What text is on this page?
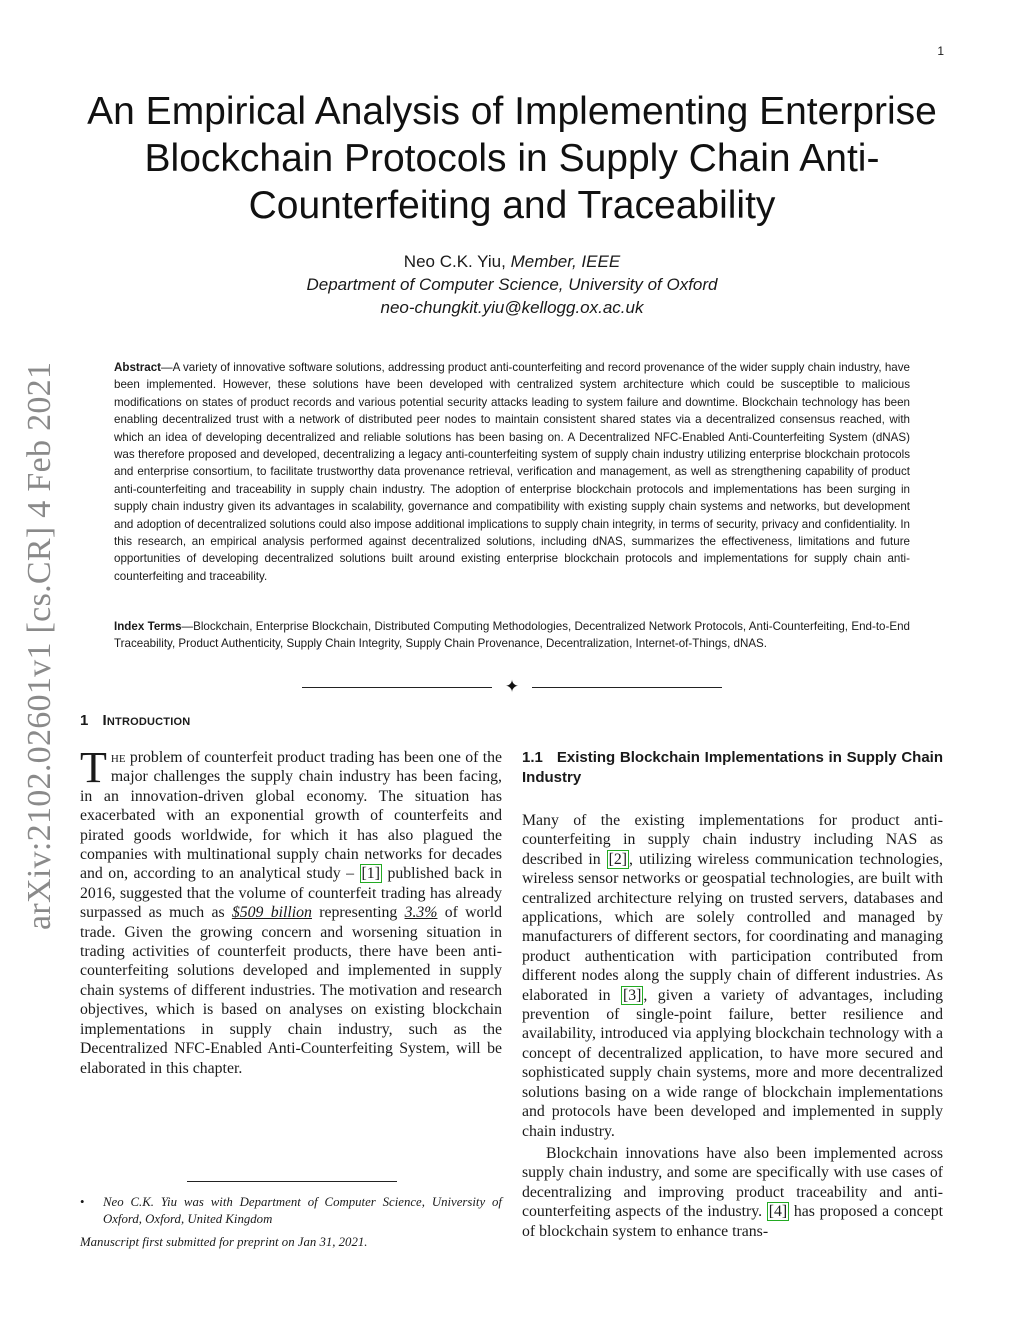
1
arXiv:2102.02601v1 [cs.CR] 4 Feb 2021
An Empirical Analysis of Implementing Enterprise Blockchain Protocols in Supply Chain Anti-Counterfeiting and Traceability
Neo C.K. Yiu, Member, IEEE
Department of Computer Science, University of Oxford
neo-chungkit.yiu@kellogg.ox.ac.uk
Abstract—A variety of innovative software solutions, addressing product anti-counterfeiting and record provenance of the wider supply chain industry, have been implemented. However, these solutions have been developed with centralized system architecture which could be susceptible to malicious modifications on states of product records and various potential security attacks leading to system failure and downtime. Blockchain technology has been enabling decentralized trust with a network of distributed peer nodes to maintain consistent shared states via a decentralized consensus reached, with which an idea of developing decentralized and reliable solutions has been basing on. A Decentralized NFC-Enabled Anti-Counterfeiting System (dNAS) was therefore proposed and developed, decentralizing a legacy anti-counterfeiting system of supply chain industry utilizing enterprise blockchain protocols and enterprise consortium, to facilitate trustworthy data provenance retrieval, verification and management, as well as strengthening capability of product anti-counterfeiting and traceability in supply chain industry. The adoption of enterprise blockchain protocols and implementations has been surging in supply chain industry given its advantages in scalability, governance and compatibility with existing supply chain systems and networks, but development and adoption of decentralized solutions could also impose additional implications to supply chain integrity, in terms of security, privacy and confidentiality. In this research, an empirical analysis performed against decentralized solutions, including dNAS, summarizes the effectiveness, limitations and future opportunities of developing decentralized solutions built around existing enterprise blockchain protocols and implementations for supply chain anti-counterfeiting and traceability.
Index Terms—Blockchain, Enterprise Blockchain, Distributed Computing Methodologies, Decentralized Network Protocols, Anti-Counterfeiting, End-to-End Traceability, Product Authenticity, Supply Chain Integrity, Supply Chain Provenance, Decentralization, Internet-of-Things, dNAS.
✦
1 Introduction

The problem of counterfeit product trading has been one of the major challenges the supply chain industry has been facing, in an innovation-driven global economy. The situation has exacerbated with an exponential growth of counterfeits and pirated goods worldwide, for which it has also plagued the companies with multinational supply chain networks for decades and on, according to an analytical study – [1] published back in 2016, suggested that the volume of counterfeit trading has already surpassed as much as $509 billion representing 3.3% of world trade. Given the growing concern and worsening situation in trading activities of counterfeit products, there have been anti-counterfeiting solutions developed and implemented in supply chain systems of different industries. The motivation and research objectives, which is based on analyses on existing blockchain implementations in supply chain industry, such as the Decentralized NFC-Enabled Anti-Counterfeiting System, will be elaborated in this chapter.

1.1 Existing Blockchain Implementations in Supply Chain Industry

Many of the existing implementations for product anti-counterfeiting in supply chain industry including NAS as described in [2] , utilizing wireless communication technologies, wireless sensor networks or geospatial technologies, are built with centralized architecture relying on trusted servers, databases and applications, which are solely controlled and managed by manufacturers of different sectors, for coordinating and managing product authentication with participation contributed from different nodes along the supply chain of different industries. As elaborated in [3] , given a variety of advantages, including prevention of single-point failure, better resilience and availability, introduced via applying blockchain technology with a concept of decentralized application, to have more secured and sophisticated supply chain systems, more and more decentralized solutions basing on a wide range of blockchain implementations and protocols have been developed and implemented in supply chain industry.

Blockchain innovations have also been implemented across supply chain industry, and some are specifically with use cases of decentralizing and improving product traceability and anti-counterfeiting aspects of the industry. [4] has proposed a concept of blockchain system to enhance trans-

•	Neo C.K. Yiu was with Department of Computer Science, University of Oxford, Oxford, United Kingdom
Manuscript first submitted for preprint on Jan 31, 2021.
